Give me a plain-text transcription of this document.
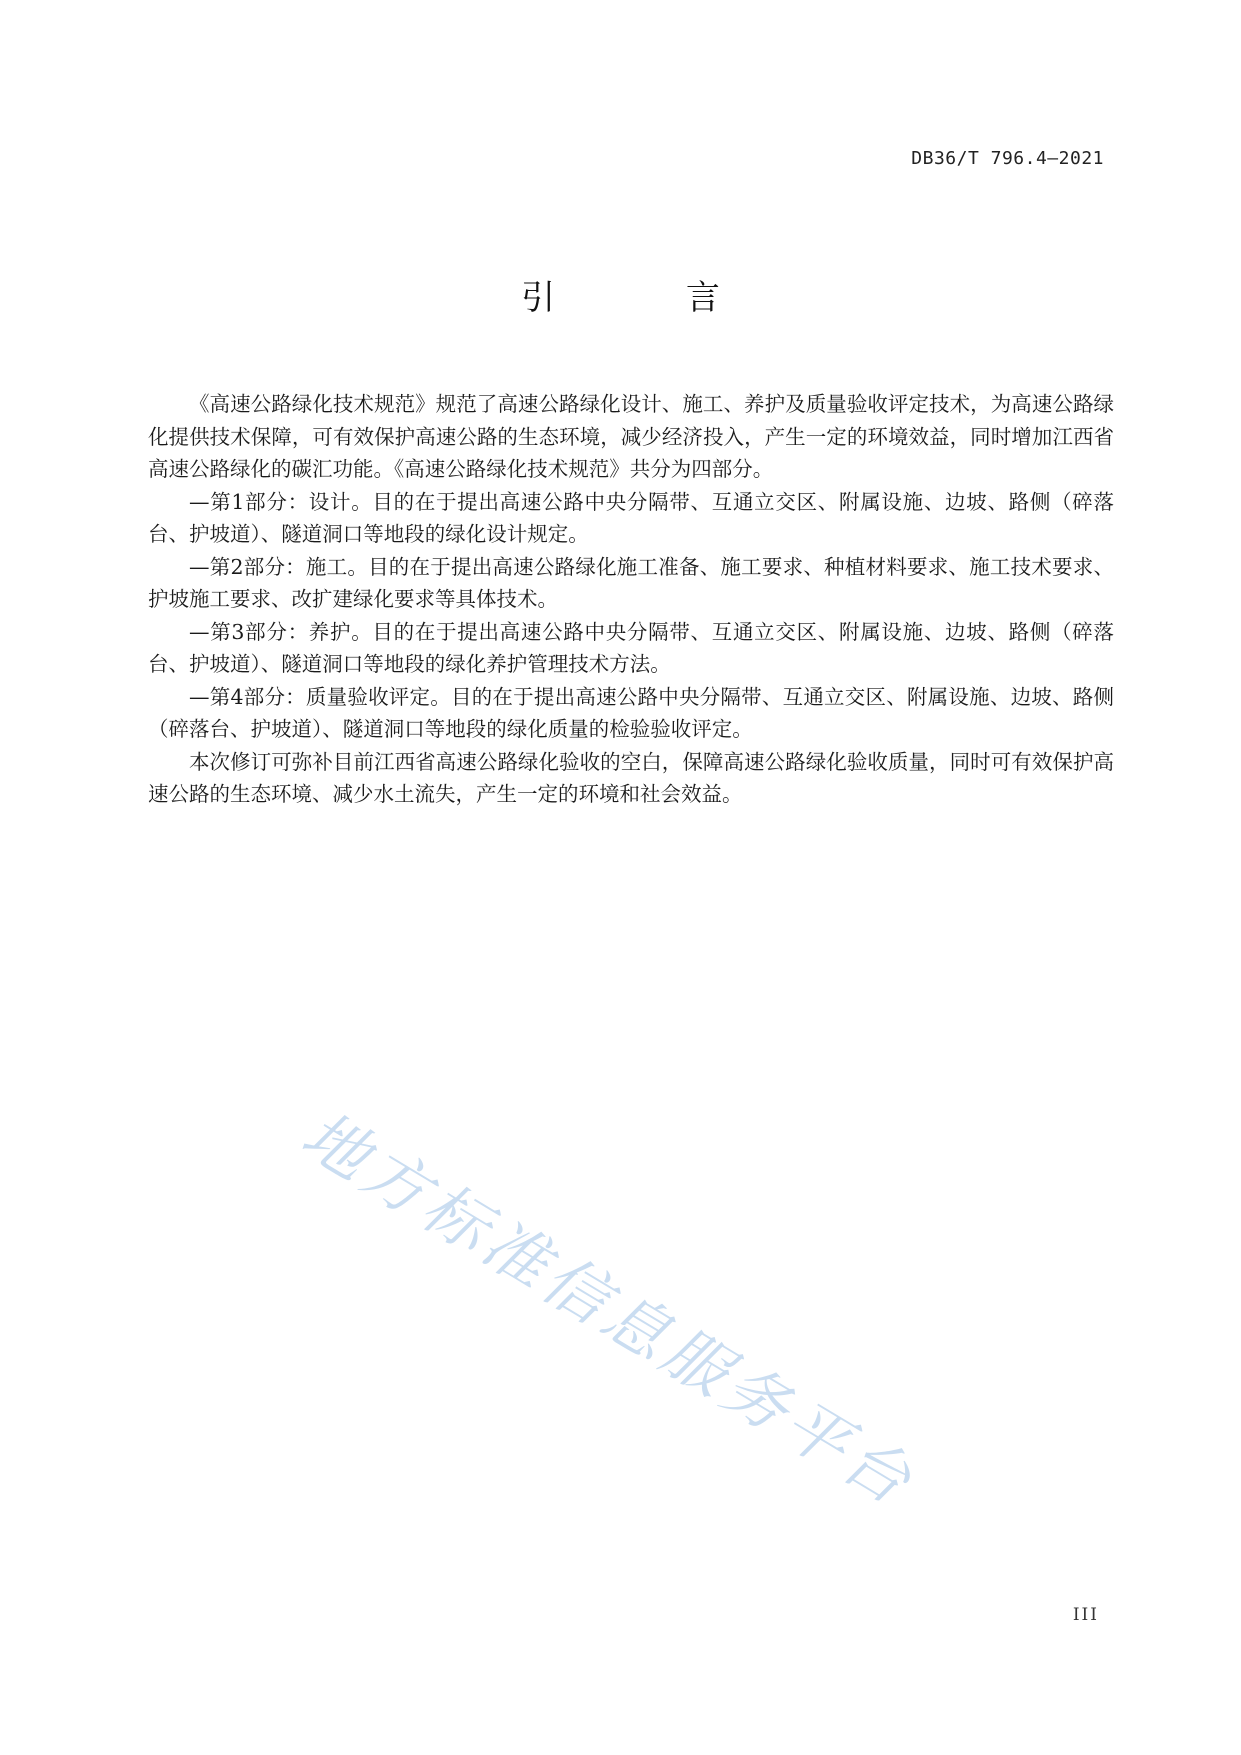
DB36/T 796.4—2021
引 言

《高速公路绿化技术规范》规范了高速公路绿化设计、施工、养护及质量验收评定技术，为高速公路绿化提供技术保障，可有效保护高速公路的生态环境，减少经济投入，产生一定的环境效益，同时增加江西省高速公路绿化的碳汇功能。《高速公路绿化技术规范》共分为四部分。

—第1部分：设计。目的在于提出高速公路中央分隔带、互通立交区、附属设施、边坡、路侧（碎落台、护坡道）、隧道洞口等地段的绿化设计规定。

—第2部分：施工。目的在于提出高速公路绿化施工准备、施工要求、种植材料要求、施工技术要求、护坡施工要求、改扩建绿化要求等具体技术。

—第3部分：养护。目的在于提出高速公路中央分隔带、互通立交区、附属设施、边坡、路侧（碎落台、护坡道）、隧道洞口等地段的绿化养护管理技术方法。

—第4部分：质量验收评定。目的在于提出高速公路中央分隔带、互通立交区、附属设施、边坡、路侧（碎落台、护坡道）、隧道洞口等地段的绿化质量的检验验收评定。

本次修订可弥补目前江西省高速公路绿化验收的空白，保障高速公路绿化验收质量，同时可有效保护高速公路的生态环境、减少水土流失，产生一定的环境和社会效益。

地方标准信息服务平台
III
